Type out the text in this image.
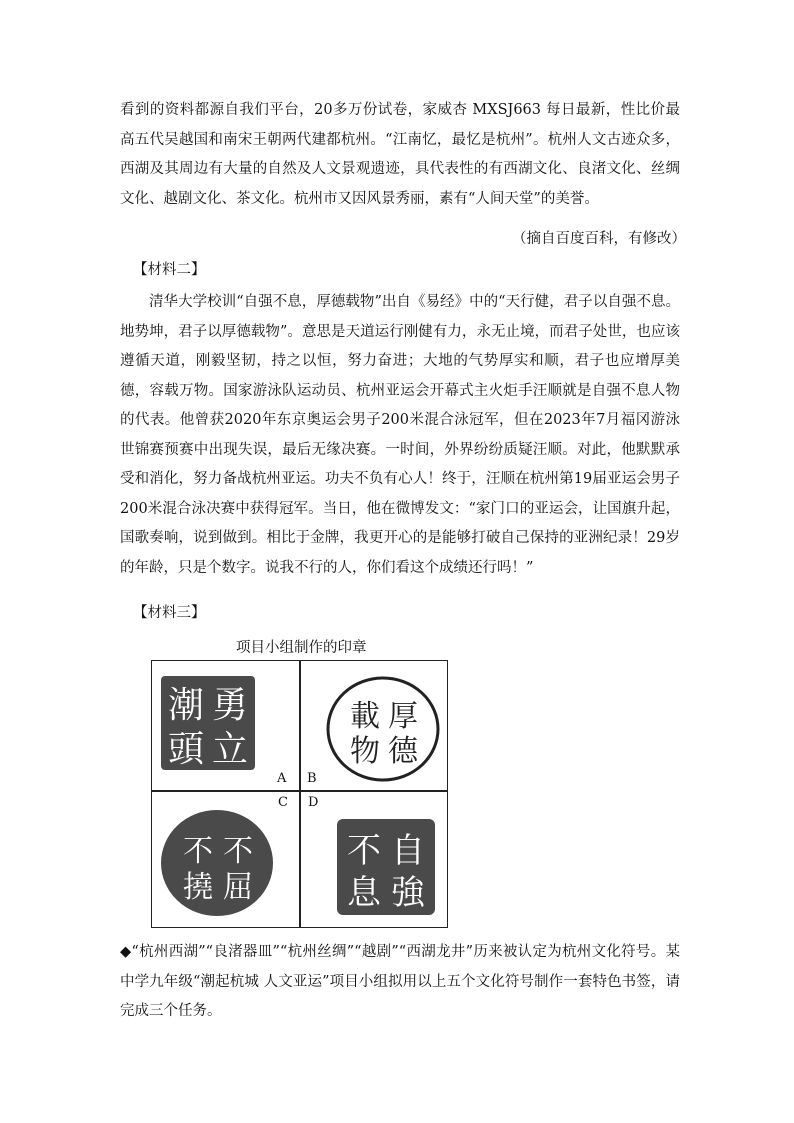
看到的资料都源自我们平台，20多万份试卷，家威杏 MXSJ663 每日最新，性比价最高五代吴越国和南宋王朝两代建都杭州。“江南忆，最忆是杭州”。杭州人文古迹众多，西湖及其周边有大量的自然及人文景观遗迹，具代表性的有西湖文化、良渚文化、丝绸文化、越剧文化、茶文化。杭州市又因风景秀丽，素有“人间天堂”的美誉。

（摘自百度百科，有修改）

【材料二】

清华大学校训“自强不息，厚德载物”出自《易经》中的“天行健，君子以自强不息。地势坤，君子以厚德载物”。意思是天道运行刚健有力，永无止境，而君子处世，也应该遵循天道，刚毅坚韧，持之以恒，努力奋进；大地的气势厚实和顺，君子也应增厚美德，容载万物。国家游泳队运动员、杭州亚运会开幕式主火炬手汪顺就是自强不息人物的代表。他曾获2020年东京奥运会男子200米混合泳冠军，但在2023年7月福冈游泳世锦赛预赛中出现失误，最后无缘决赛。一时间，外界纷纷质疑汪顺。对此，他默默承受和消化，努力备战杭州亚运。功夫不负有心人！终于，汪顺在杭州第19届亚运会男子200米混合泳决赛中获得冠军。当日，他在微博发文：“家门口的亚运会，让国旗升起，国歌奏响，说到做到。相比于金牌，我更开心的是能够打破自己保持的亚洲纪录！29岁的年龄，只是个数字。说我不行的人，你们看这个成绩还行吗！”

【材料三】

项目小组制作的印章

勇
立
潮
頭
A B
厚
德
載
物
C
不
屈
不
撓
D
自
強
不
息

◆“杭州西湖”“良渚器皿”“杭州丝绸”“越剧”“西湖龙井”历来被认定为杭州文化符号。某中学九年级“潮起杭城 人文亚运”项目小组拟用以上五个文化符号制作一套特色书签，请完成三个任务。
